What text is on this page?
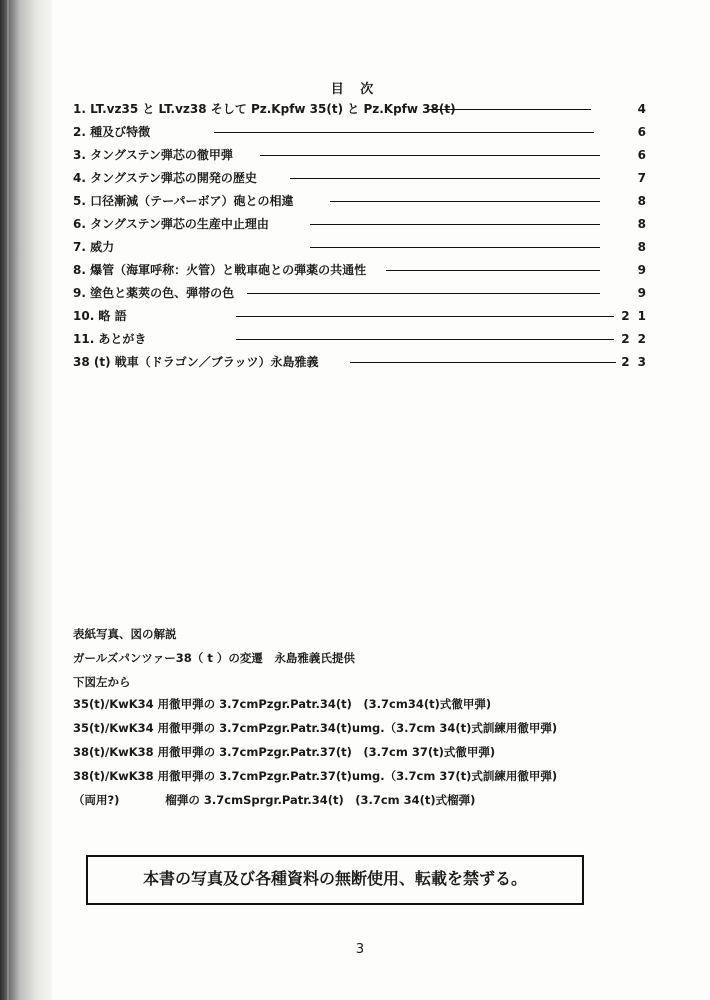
目 次
1. LT.vz35 と LT.vz38 そして Pz.Kpfw 35(t) と Pz.Kpfw 38(t)	4
2. 種及び特徴	6
3. タングステン弾芯の徹甲弾	6
4. タングステン弾芯の開発の歴史	7
5. 口径漸減（テーパーボア）砲との相違	8
6. タングステン弾芯の生産中止理由	8
7. 威力	8
8. 爆管（海軍呼称：火管）と戦車砲との弾薬の共通性	9
9. 塗色と薬莢の色、弾帯の色	9
10. 略 語	21
11. あとがき	22
38 (t) 戦車（ドラゴン／ブラッツ）永島雅義	23
表紙写真、図の解説
ガールズパンツァー38（ t ）の変遷　永島雅義氏提供
下図左から
35(t)/KwK34 用徹甲弾の 3.7cmPzgr.Patr.34(t)　(3.7cm34(t)式徹甲弾)
35(t)/KwK34 用徹甲弾の 3.7cmPzgr.Patr.34(t)umg.（3.7cm 34(t)式訓練用徹甲弾)
38(t)/KwK38 用徹甲弾の 3.7cmPzgr.Patr.37(t)　(3.7cm 37(t)式徹甲弾)
38(t)/KwK38 用徹甲弾の 3.7cmPzgr.Patr.37(t)umg.（3.7cm 37(t)式訓練用徹甲弾)
（両用?)　　　　榴弾の 3.7cmSprgr.Patr.34(t)　(3.7cm 34(t)式榴弾)
本書の写真及び各種資料の無断使用、転載を禁ずる。
3
